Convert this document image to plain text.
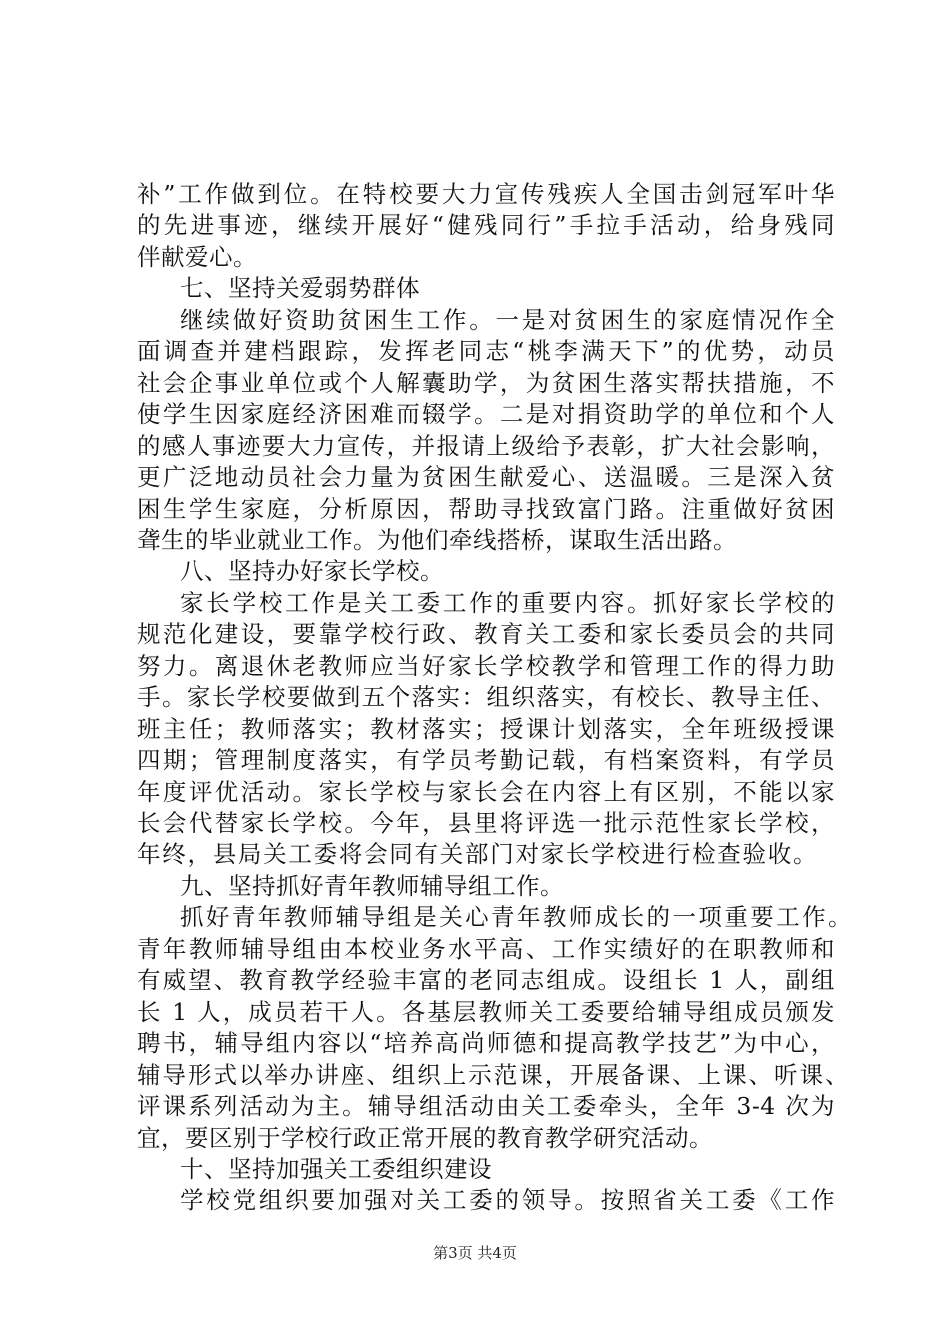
补”工作做到位。在特校要大力宣传残疾人全国击剑冠军叶华
的先进事迹，继续开展好“健残同行”手拉手活动，给身残同
伴献爱心。
七、坚持关爱弱势群体
继续做好资助贫困生工作。一是对贫困生的家庭情况作全
面调查并建档跟踪，发挥老同志“桃李满天下”的优势，动员
社会企事业单位或个人解囊助学，为贫困生落实帮扶措施，不
使学生因家庭经济困难而辍学。二是对捐资助学的单位和个人
的感人事迹要大力宣传，并报请上级给予表彰，扩大社会影响，
更广泛地动员社会力量为贫困生献爱心、送温暖。三是深入贫
困生学生家庭，分析原因，帮助寻找致富门路。注重做好贫困
聋生的毕业就业工作。为他们牵线搭桥，谋取生活出路。
八、坚持办好家长学校。
家长学校工作是关工委工作的重要内容。抓好家长学校的
规范化建设，要靠学校行政、教育关工委和家长委员会的共同
努力。离退休老教师应当好家长学校教学和管理工作的得力助
手。家长学校要做到五个落实：组织落实，有校长、教导主任、
班主任；教师落实；教材落实；授课计划落实，全年班级授课
四期；管理制度落实，有学员考勤记载，有档案资料，有学员
年度评优活动。家长学校与家长会在内容上有区别，不能以家
长会代替家长学校。今年，县里将评选一批示范性家长学校，
年终，县局关工委将会同有关部门对家长学校进行检查验收。
九、坚持抓好青年教师辅导组工作。
抓好青年教师辅导组是关心青年教师成长的一项重要工作。
青年教师辅导组由本校业务水平高、工作实绩好的在职教师和
有威望、教育教学经验丰富的老同志组成。设组长 1 人，副组
长 1 人，成员若干人。各基层教师关工委要给辅导组成员颁发
聘书，辅导组内容以“培养高尚师德和提高教学技艺”为中心，
辅导形式以举办讲座、组织上示范课，开展备课、上课、听课、
评课系列活动为主。辅导组活动由关工委牵头，全年 3-4 次为
宜，要区别于学校行政正常开展的教育教学研究活动。
十、坚持加强关工委组织建设
学校党组织要加强对关工委的领导。按照省关工委《工作
第3页 共4页
